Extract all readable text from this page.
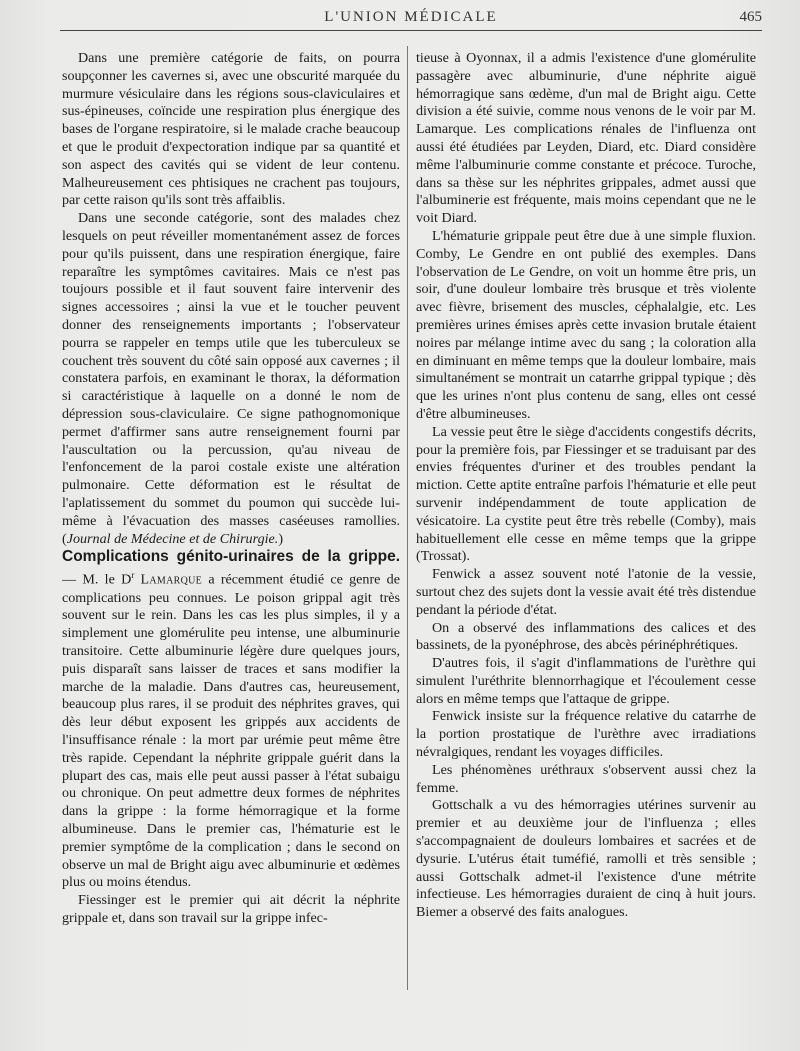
L'UNION MÉDICALE	465

Dans une première catégorie de faits, on pourra soupçonner les cavernes si, avec une obscurité marquée du murmure vésiculaire dans les régions sous-claviculaires et sus-épineuses, coïncide une respiration plus énergique des bases de l'organe respiratoire, si le malade crache beaucoup et que le produit d'expectoration indique par sa quantité et son aspect des cavités qui se vident de leur contenu. Malheureusement ces phtisiques ne crachent pas toujours, par cette raison qu'ils sont très affaiblis.

Dans une seconde catégorie, sont des malades chez lesquels on peut réveiller momentanément assez de forces pour qu'ils puissent, dans une respiration énergique, faire reparaître les symptômes cavitaires. Mais ce n'est pas toujours possible et il faut souvent faire intervenir des signes accessoires ; ainsi la vue et le toucher peuvent donner des renseignements importants ; l'observateur pourra se rappeler en temps utile que les tuberculeux se couchent très souvent du côté sain opposé aux cavernes ; il constatera parfois, en examinant le thorax, la déformation si caractéristique à laquelle on a donné le nom de dépression sous-claviculaire. Ce signe pathognomonique permet d'affirmer sans autre renseignement fourni par l'auscultation ou la percussion, qu'au niveau de l'enfoncement de la paroi costale existe une altération pulmonaire. Cette déformation est le résultat de l'aplatissement du sommet du poumon qui succède lui-même à l'évacuation des masses caséeuses ramollies. (Journal de Médecine et de Chirurgie.)

Complications génito-urinaires de la grippe. — M. le $D^r$ Lamarque a récemment étudié ce genre de complications peu connues. Le poison grippal agit très souvent sur le rein. Dans les cas les plus simples, il y a simplement une glomérulite peu intense, une albuminurie transitoire. Cette albuminurie légère dure quelques jours, puis disparaît sans laisser de traces et sans modifier la marche de la maladie. Dans d'autres cas, heureusement, beaucoup plus rares, il se produit des néphrites graves, qui dès leur début exposent les grippés aux accidents de l'insuffisance rénale : la mort par urémie peut même être très rapide. Cependant la néphrite grippale guérit dans la plupart des cas, mais elle peut aussi passer à l'état subaigu ou chronique. On peut admettre deux formes de néphrites dans la grippe : la forme hémorragique et la forme albumineuse. Dans le premier cas, l'hématurie est le premier symptôme de la complication ; dans le second on observe un mal de Bright aigu avec albuminurie et œdèmes plus ou moins étendus.

Fiessinger est le premier qui ait décrit la néphrite grippale et, dans son travail sur la grippe infec-

tieuse à Oyonnax, il a admis l'existence d'une glomérulite passagère avec albuminurie, d'une néphrite aiguë hémorragique sans œdème, d'un mal de Bright aigu. Cette division a été suivie, comme nous venons de le voir par M. Lamarque. Les complications rénales de l'influenza ont aussi été étudiées par Leyden, Diard, etc. Diard considère même l'albuminurie comme constante et précoce. Turoche, dans sa thèse sur les néphrites grippales, admet aussi que l'albuminerie est fréquente, mais moins cependant que ne le voit Diard.

L'hématurie grippale peut être due à une simple fluxion. Comby, Le Gendre en ont publié des exemples. Dans l'observation de Le Gendre, on voit un homme être pris, un soir, d'une douleur lombaire très brusque et très violente avec fièvre, brisement des muscles, céphalalgie, etc. Les premières urines émises après cette invasion brutale étaient noires par mélange intime avec du sang ; la coloration alla en diminuant en même temps que la douleur lombaire, mais simultanément se montrait un catarrhe grippal typique ; dès que les urines n'ont plus contenu de sang, elles ont cessé d'être albumineuses.

La vessie peut être le siège d'accidents congestifs décrits, pour la première fois, par Fiessinger et se traduisant par des envies fréquentes d'uriner et des troubles pendant la miction. Cette aptite entraîne parfois l'hématurie et elle peut survenir indépendamment de toute application de vésicatoire. La cystite peut être très rebelle (Comby), mais habituellement elle cesse en même temps que la grippe (Trossat).

Fenwick a assez souvent noté l'atonie de la vessie, surtout chez des sujets dont la vessie avait été très distendue pendant la période d'état.

On a observé des inflammations des calices et des bassinets, de la pyonéphrose, des abcès périnéphrétiques.

D'autres fois, il s'agit d'inflammations de l'urèthre qui simulent l'uréthrite blennorrhagique et l'écoulement cesse alors en même temps que l'attaque de grippe.

Fenwick insiste sur la fréquence relative du catarrhe de la portion prostatique de l'urèthre avec irradiations névralgiques, rendant les voyages difficiles.

Les phénomènes uréthraux s'observent aussi chez la femme.

Gottschalk a vu des hémorragies utérines survenir au premier et au deuxième jour de l'influenza ; elles s'accompagnaient de douleurs lombaires et sacrées et de dysurie. L'utérus était tuméfié, ramolli et très sensible ; aussi Gottschalk admet-il l'existence d'une métrite infectieuse. Les hémorragies duraient de cinq à huit jours. Biemer a observé des faits analogues.
